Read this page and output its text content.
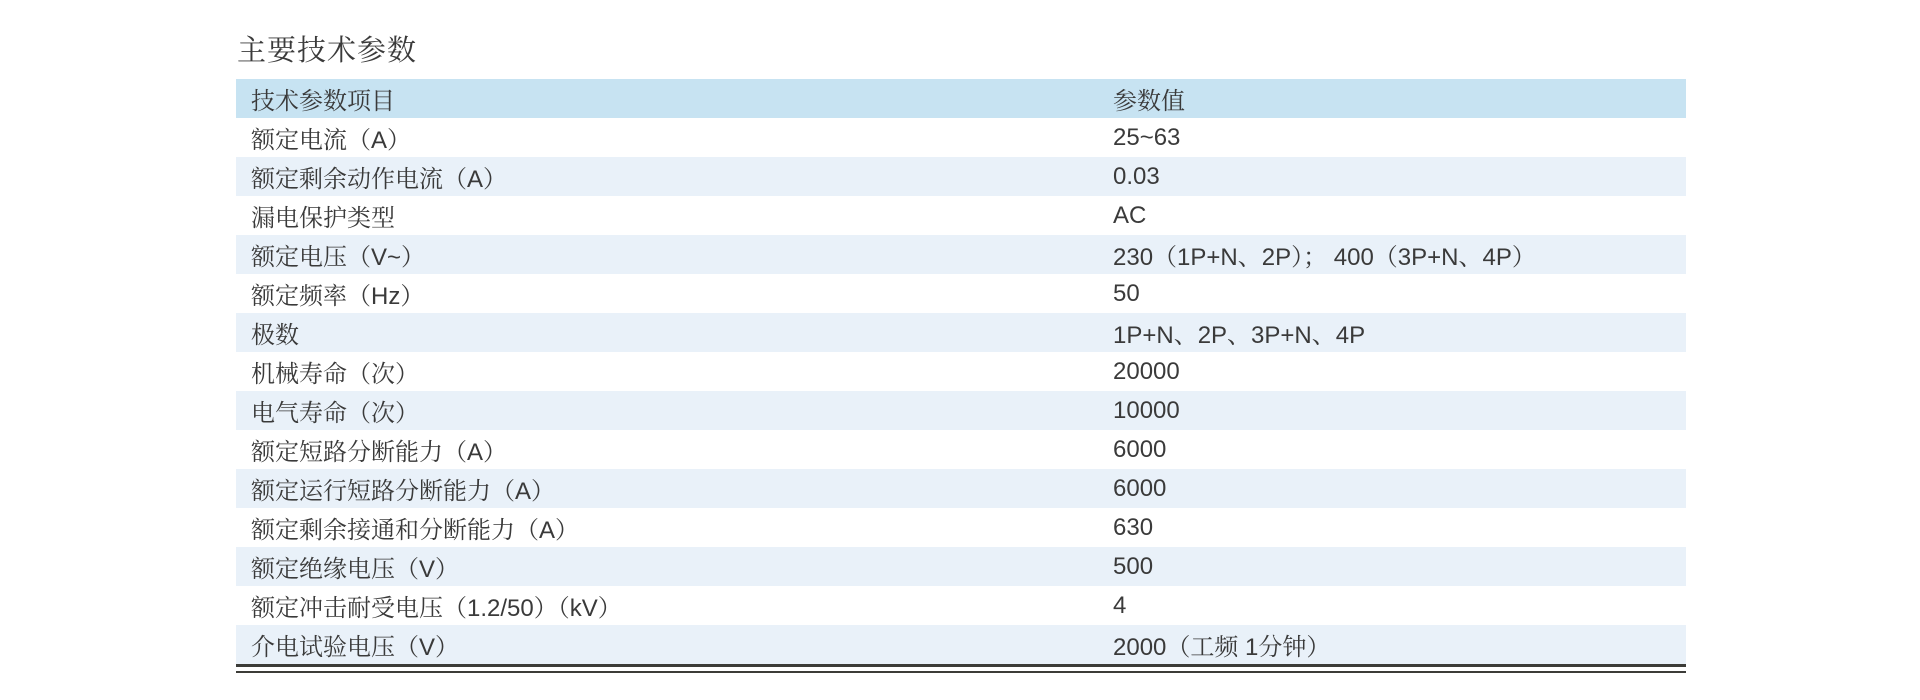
主要技术参数
技术参数项目	参数值
额定电流（A）	25~63
额定剩余动作电流（A）	0.03
漏电保护类型	AC
额定电压（V~）	230（1P+N、2P）； 400（3P+N、4P）
额定频率（Hz）	50
极数	1P+N、2P、3P+N、4P
机械寿命（次）	20000
电气寿命（次）	10000
额定短路分断能力（A）	6000
额定运行短路分断能力（A）	6000
额定剩余接通和分断能力（A）	630
额定绝缘电压（V）	500
额定冲击耐受电压（1.2/50）（kV）	4
介电试验电压（V）	2000（工频 1分钟）
